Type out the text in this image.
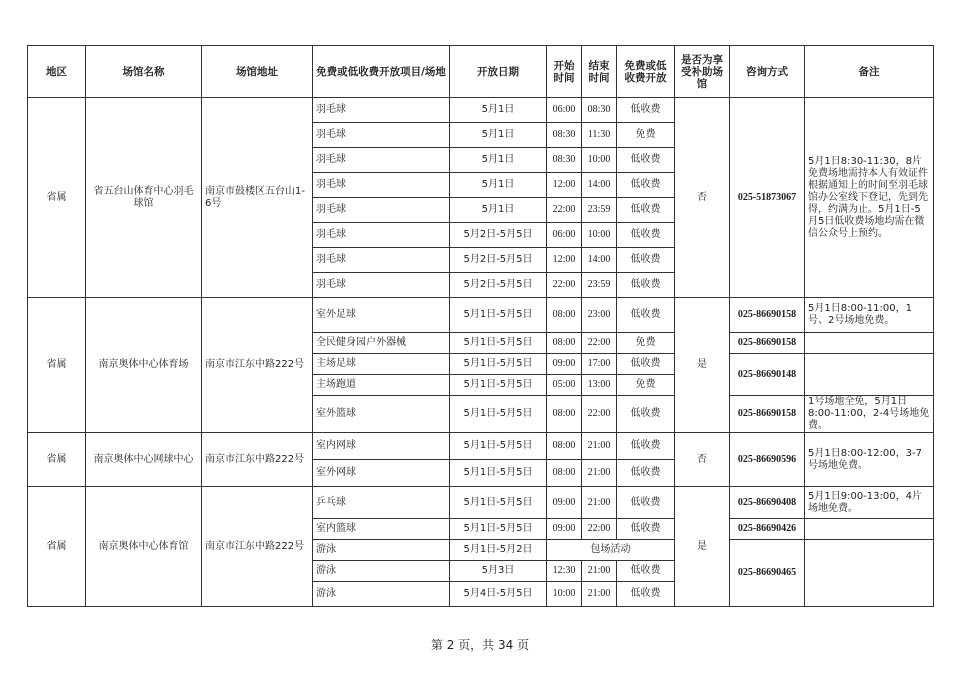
地区	场馆名称	场馆地址	免费或低收费开放项目/场地	开放日期	开始时间	结束时间	免费或低收费开放	是否为享受补助场馆	咨询方式	备注
省属	省五台山体育中心羽毛球馆	南京市鼓楼区五台山1-6号	羽毛球	5月1日	06:00	08:30	低收费	否	025-51873067	5月1日8:30-11:30，8片免费场地需持本人有效证件根据通知上的时间至羽毛球馆办公室线下登记，先到先得，约满为止。5月1日-5月5日低收费场地均需在微信公众号上预约。
			羽毛球	5月1日	08:30	11:30	免费			
			羽毛球	5月1日	08:30	10:00	低收费			
			羽毛球	5月1日	12:00	14:00	低收费			
			羽毛球	5月1日	22:00	23:59	低收费			
			羽毛球	5月2日-5月5日	06:00	10:00	低收费			
			羽毛球	5月2日-5月5日	12:00	14:00	低收费			
			羽毛球	5月2日-5月5日	22:00	23:59	低收费			
省属	南京奥体中心体育场	南京市江东中路222号	室外足球	5月1日-5月5日	08:00	23:00	低收费	是	025-86690158	5月1日8:00-11:00，1号、2号场地免费。
			全民健身园户外器械	5月1日-5月5日	08:00	22:00	免费		025-86690158	
			主场足球	5月1日-5月5日	09:00	17:00	低收费		025-86690148	
			主场跑道	5月1日-5月5日	05:00	13:00	免费			
			室外篮球	5月1日-5月5日	08:00	22:00	低收费		025-86690158	1号场地全免，5月1日8:00-11:00，2-4号场地免费。
省属	南京奥体中心网球中心	南京市江东中路222号	室内网球	5月1日-5月5日	08:00	21:00	低收费	否	025-86690596	5月1日8:00-12:00，3-7号场地免费。
			室外网球	5月1日-5月5日	08:00	21:00	低收费			
省属	南京奥体中心体育馆	南京市江东中路222号	乒乓球	5月1日-5月5日	09:00	21:00	低收费	是	025-86690408	5月1日9:00-13:00，4片场地免费。
			室内篮球	5月1日-5月5日	09:00	22:00	低收费		025-86690426	
			游泳	5月1日-5月2日	包场活动				025-86690465	
			游泳	5月3日	12:30	21:00	低收费			
			游泳	5月4日-5月5日	10:00	21:00	低收费			
第 2 页，共 34 页
